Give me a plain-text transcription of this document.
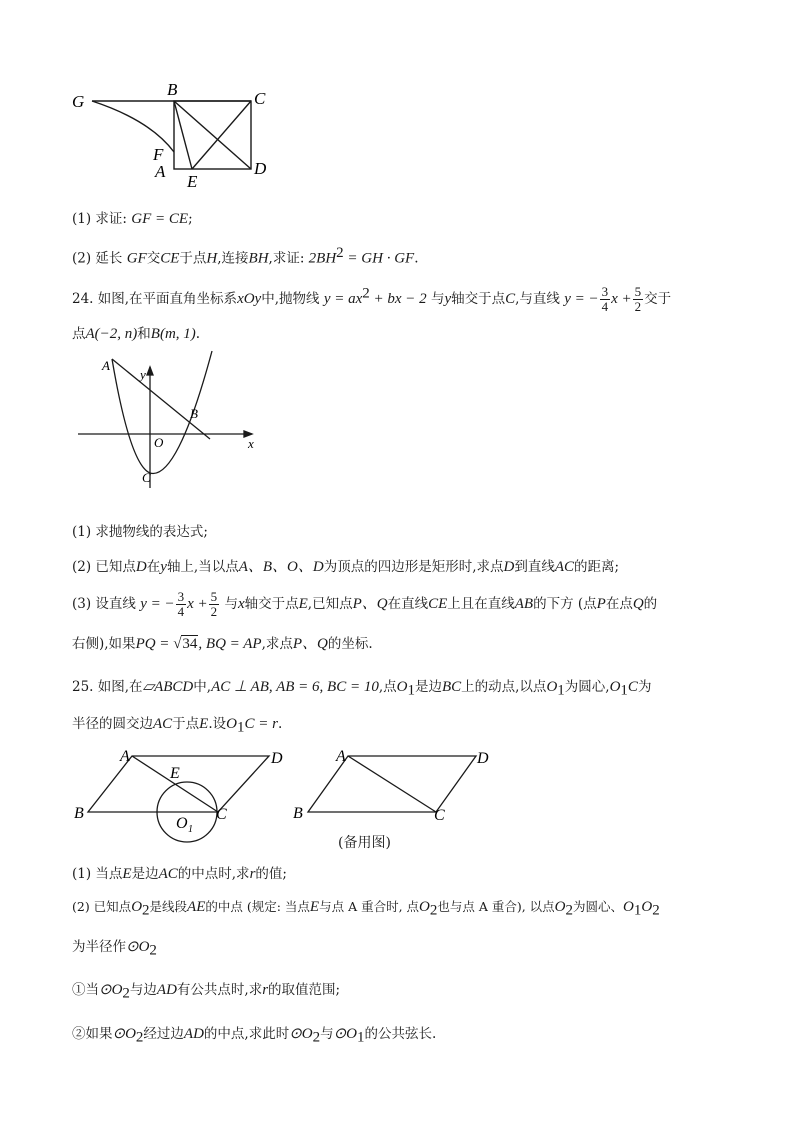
G
B	C
F
A
E
D
(1) 求证: GF = CE;
(2) 延长 GF交CE于点H,连接BH,求证: $2BH^2$ = GH · GF.
24. 如图,在平面直角坐标系xOy中,抛物线 $y = ax^2$ + bx − 2 与y轴交于点C,与直线 y = − $\frac{3}{4}$ $x + \frac{5}{2}$ 交于
点A(−2, n)和B(m, 1).
A
y
B
O	x
C
(1) 求抛物线的表达式;
(2) 已知点D在y轴上,当以点A、B、O、D为顶点的四边形是矩形时,求点D到直线AC的距离;
(3) 设直线 y = − $\frac{3}{4}$ $x + \frac{5}{2}$ 与x轴交于点E,已知点P、Q在直线CE上且在直线AB的下方 (点P在点Q的
右侧),如果PQ = √34, BQ = AP,求点P、Q的坐标.
25. 如图,在▱ABCD中,AC ⊥ AB, AB = 6, BC = 10,点$O_1$是边BC上的动点,以点$O_1$为圆心$,O_1C$为
半径的圆交边AC于点E.设$O_1C = r$.
A	D
E
B
O 1
C
A	D
B	C
(备用图)
(1) 当点E是边AC的中点时,求r的值;
(2) 已知点$O_2$是线段AE的中点 (规定: 当点E与点 A 重合时, 点$O_2$也与点 A 重合), 以点$O_2$为圆心、$O_1O_2$
为半径作$⊙O_2$
①当$⊙O_2$与边AD有公共点时,求r的取值范围;
②如果$⊙O_2$经过边AD的中点,求此时$⊙O_2$与$⊙O_1$的公共弦长.
